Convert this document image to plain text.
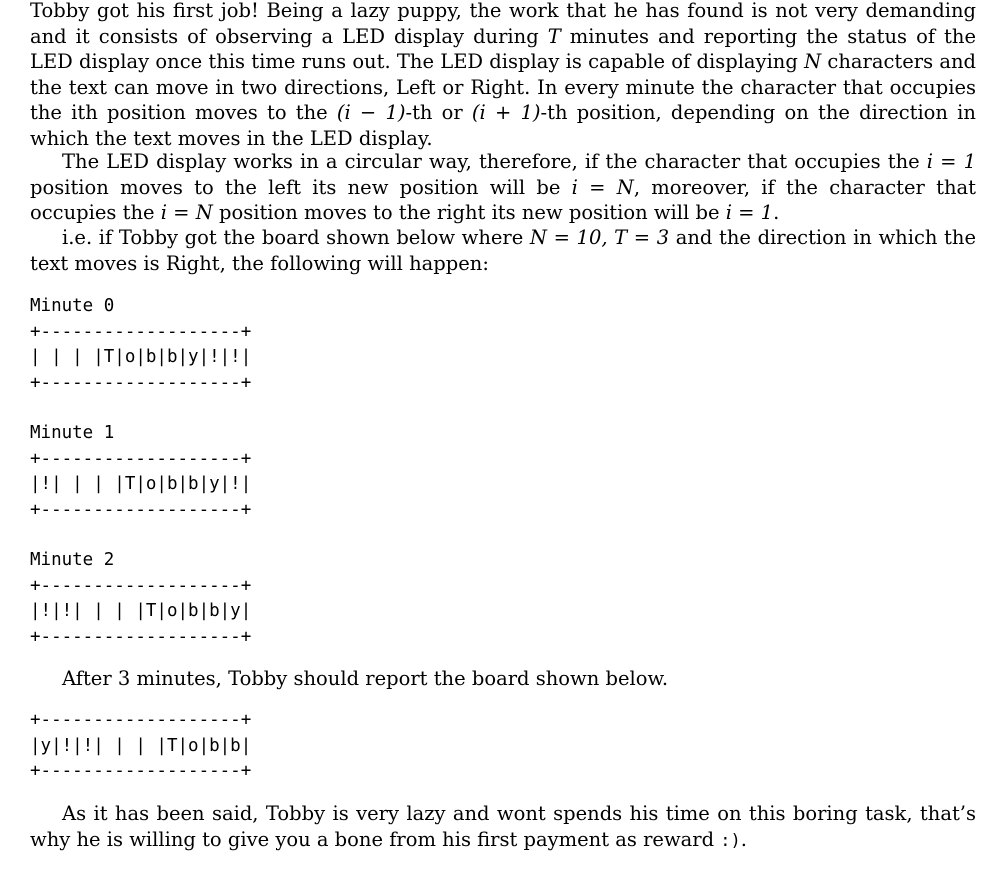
Tobby got his first job! Being a lazy puppy, the work that he has found is not very demanding and it consists of observing a LED display during T minutes and reporting the status of the LED display once this time runs out. The LED display is capable of displaying N characters and the text can move in two directions, Left or Right. In every minute the character that occupies the ith position moves to the (i − 1)-th or (i + 1)-th position, depending on the direction in which the text moves in the LED display.

The LED display works in a circular way, therefore, if the character that occupies the i = 1 position moves to the left its new position will be i = N, moreover, if the character that occupies the i = N position moves to the right its new position will be i = 1.

i.e. if Tobby got the board shown below where N = 10, T = 3 and the direction in which the text moves is Right, the following will happen:

Minute 0
+-------------------+
| | | |T|o|b|b|y|!|!|
+-------------------+
Minute 1
+-------------------+
|!| | | |T|o|b|b|y|!|
+-------------------+
Minute 2
+-------------------+
|!|!| | | |T|o|b|b|y|
+-------------------+

After 3 minutes, Tobby should report the board shown below.

+-------------------+
|y|!|!| | | |T|o|b|b|
+-------------------+

As it has been said, Tobby is very lazy and wont spends his time on this boring task, that’s why he is willing to give you a bone from his first payment as reward :).
